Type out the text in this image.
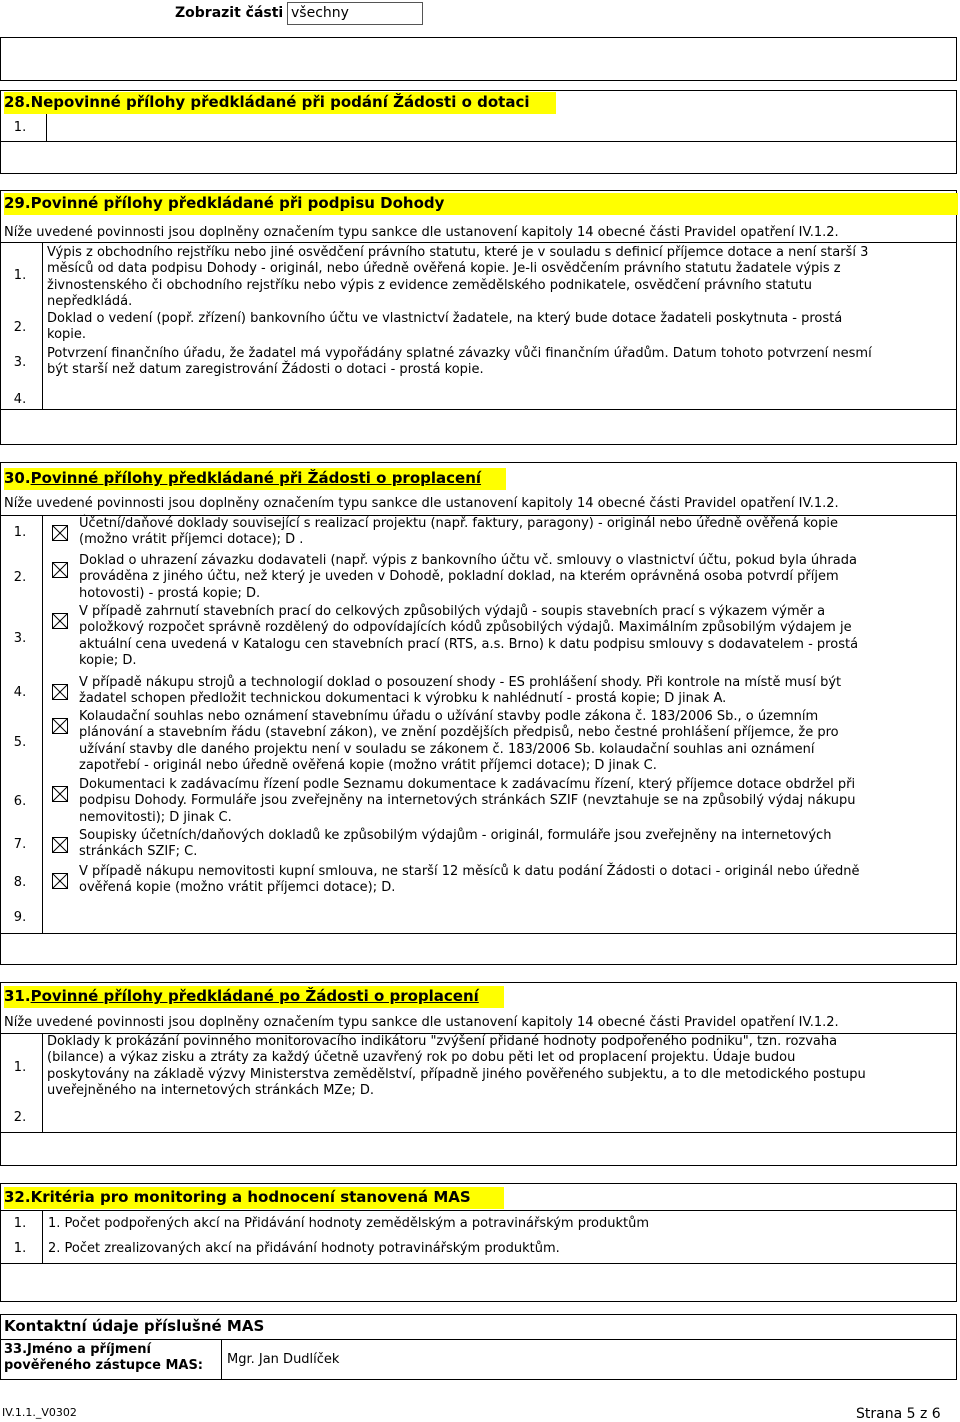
Zobrazit části všechny
28.Nepovinné přílohy předkládané při podání Žádosti o dotaci
1.
29.Povinné přílohy předkládané při podpisu Dohody
Níže uvedené povinnosti jsou doplněny označením typu sankce dle ustanovení kapitoly 14 obecné části Pravidel opatření IV.1.2.
1.
Výpis z obchodního rejstříku nebo jiné osvědčení právního statutu, které je v souladu s definicí příjemce dotace a není starší 3
měsíců od data podpisu Dohody - originál, nebo úředně ověřená kopie. Je-li osvědčením právního statutu žadatele výpis z
živnostenského či obchodního rejstříku nebo výpis z evidence zemědělského podnikatele, osvědčení právního statutu
nepředkládá.
2.
Doklad o vedení (popř. zřízení) bankovního účtu ve vlastnictví žadatele, na který bude dotace žadateli poskytnuta - prostá
kopie.
3.
Potvrzení finančního úřadu, že žadatel má vypořádány splatné závazky vůči finančním úřadům. Datum tohoto potvrzení nesmí
být starší než datum zaregistrování Žádosti o dotaci - prostá kopie.
4.
30.Povinné přílohy předkládané při Žádosti o proplacení
Níže uvedené povinnosti jsou doplněny označením typu sankce dle ustanovení kapitoly 14 obecné části Pravidel opatření IV.1.2.
1.
Účetní/daňové doklady související s realizací projektu (např. faktury, paragony) - originál nebo úředně ověřená kopie
(možno vrátit příjemci dotace); D .
2.
Doklad o uhrazení závazku dodavateli (např. výpis z bankovního účtu vč. smlouvy o vlastnictví účtu, pokud byla úhrada
prováděna z jiného účtu, než který je uveden v Dohodě, pokladní doklad, na kterém oprávněná osoba potvrdí příjem
hotovosti) - prostá kopie; D.
3.
V případě zahrnutí stavebních prací do celkových způsobilých výdajů - soupis stavebních prací s výkazem výměr a
položkový rozpočet správně rozdělený do odpovídajících kódů způsobilých výdajů. Maximálním způsobilým výdajem je
aktuální cena uvedená v Katalogu cen stavebních prací (RTS, a.s. Brno) k datu podpisu smlouvy s dodavatelem - prostá
kopie; D.
4.
V případě nákupu strojů a technologií doklad o posouzení shody - ES prohlášení shody. Při kontrole na místě musí být
žadatel schopen předložit technickou dokumentaci k výrobku k nahlédnutí - prostá kopie; D jinak A.
5.
Kolaudační souhlas nebo oznámení stavebnímu úřadu o užívání stavby podle zákona č. 183/2006 Sb., o územním
plánování a stavebním řádu (stavební zákon), ve znění pozdějších předpisů, nebo čestné prohlášení příjemce, že pro
užívání stavby dle daného projektu není v souladu se zákonem č. 183/2006 Sb. kolaudační souhlas ani oznámení
zapotřebí - originál nebo úředně ověřená kopie (možno vrátit příjemci dotace); D jinak C.
6.
Dokumentaci k zadávacímu řízení podle Seznamu dokumentace k zadávacímu řízení, který příjemce dotace obdržel při
podpisu Dohody. Formuláře jsou zveřejněny na internetových stránkách SZIF (nevztahuje se na způsobilý výdaj nákupu
nemovitosti); D jinak C.
7.
Soupisky účetních/daňových dokladů ke způsobilým výdajům - originál, formuláře jsou zveřejněny na internetových
stránkách SZIF; C.
8.
V případě nákupu nemovitosti kupní smlouva, ne starší 12 měsíců k datu podání Žádosti o dotaci - originál nebo úředně
ověřená kopie (možno vrátit příjemci dotace); D.
9.
31.Povinné přílohy předkládané po Žádosti o proplacení
Níže uvedené povinnosti jsou doplněny označením typu sankce dle ustanovení kapitoly 14 obecné části Pravidel opatření IV.1.2.
1.
Doklady k prokázání povinného monitorovacího indikátoru "zvýšení přidané hodnoty podpořeného podniku", tzn. rozvaha
(bilance) a výkaz zisku a ztráty za každý účetně uzavřený rok po dobu pěti let od proplacení projektu. Údaje budou
poskytovány na základě výzvy Ministerstva zemědělství, případně jiného pověřeného subjektu, a to dle metodického postupu
uveřejněného na internetových stránkách MZe; D.
2.
32.Kritéria pro monitoring a hodnocení stanovená MAS
1.	1. Počet podpořených akcí na Přidávání hodnoty zemědělským a potravinářským produktům
1.	2. Počet zrealizovaných akcí na přidávání hodnoty potravinářským produktům.
Kontaktní údaje příslušné MAS
33.Jméno a příjmení
pověřeného zástupce MAS: Mgr. Jan Dudlíček
IV.1.1._V0302	Strana 5 z 6
